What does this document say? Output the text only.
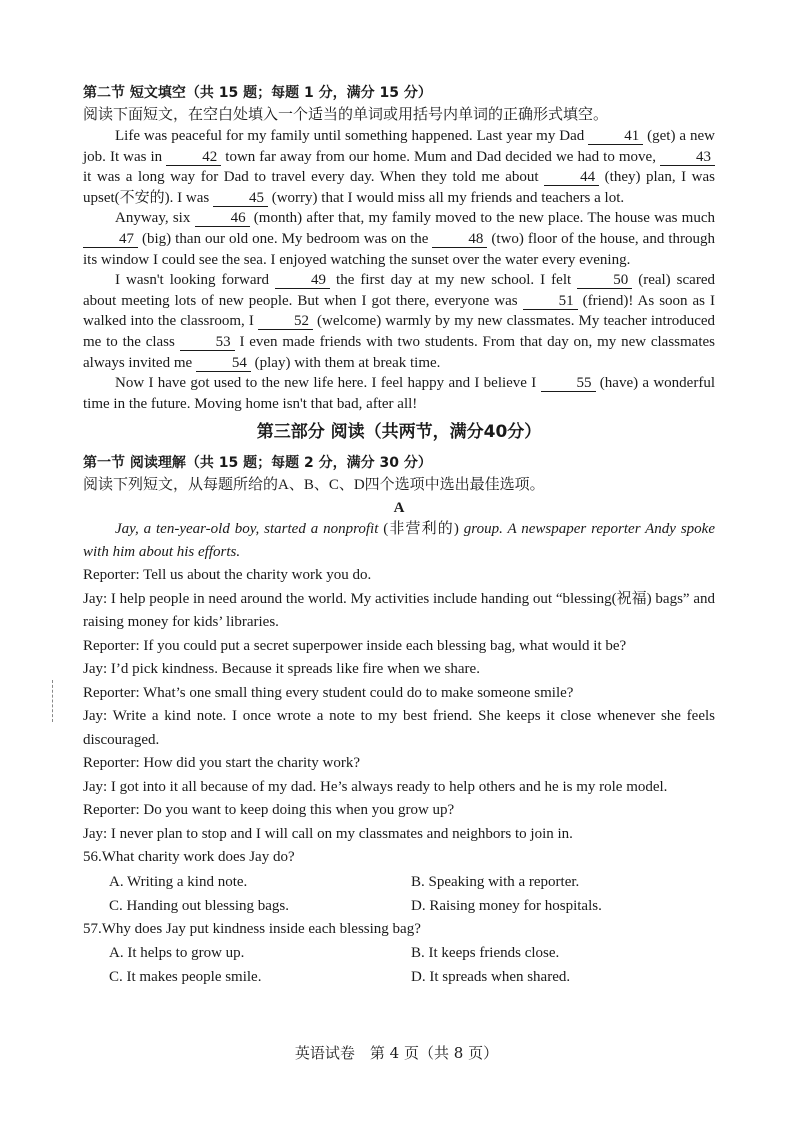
第二节 短文填空（共 15 题；每题 1 分，满分 15 分）

阅读下面短文，在空白处填入一个适当的单词或用括号内单词的正确形式填空。

Life was peaceful for my family until something happened. Last year my Dad 41 (get) a new job. It was in 42 town far away from our home. Mum and Dad decided we had to move, 43 it was a long way for Dad to travel every day. When they told me about 44 (they) plan, I was upset(不安的). I was 45 (worry) that I would miss all my friends and teachers a lot.

Anyway, six 46 (month) after that, my family moved to the new place. The house was much 47 (big) than our old one. My bedroom was on the 48 (two) floor of the house, and through its window I could see the sea. I enjoyed watching the sunset over the water every evening.

I wasn't looking forward 49 the first day at my new school. I felt 50 (real) scared about meeting lots of new people. But when I got there, everyone was 51 (friend)! As soon as I walked into the classroom, I 52 (welcome) warmly by my new classmates. My teacher introduced me to the class 53 I even made friends with two students. From that day on, my new classmates always invited me 54 (play) with them at break time.

Now I have got used to the new life here. I feel happy and I believe I 55 (have) a wonderful time in the future. Moving home isn't that bad, after all!

第三部分 阅读（共两节，满分40分）

第一节 阅读理解（共 15 题；每题 2 分，满分 30 分）

阅读下列短文，从每题所给的A、B、C、D四个选项中选出最佳选项。

A

Jay, a ten-year-old boy, started a nonprofit (非营利的) group. A newspaper reporter Andy spoke with him about his efforts.

Reporter: Tell us about the charity work you do.

Jay: I help people in need around the world. My activities include handing out “blessing(祝福) bags” and raising money for kids’ libraries.

Reporter: If you could put a secret superpower inside each blessing bag, what would it be?

Jay: I’d pick kindness. Because it spreads like fire when we share.

Reporter: What’s one small thing every student could do to make someone smile?

Jay: Write a kind note. I once wrote a note to my best friend. She keeps it close whenever she feels discouraged.

Reporter: How did you start the charity work?

Jay: I got into it all because of my dad. He’s always ready to help others and he is my role model.

Reporter: Do you want to keep doing this when you grow up?

Jay: I never plan to stop and I will call on my classmates and neighbors to join in.

56.What charity work does Jay do?

A. Writing a kind note.	B. Speaking with a reporter.
C. Handing out blessing bags.	D. Raising money for hospitals.

57.Why does Jay put kindness inside each blessing bag?

A. It helps to grow up.	B. It keeps friends close.
C. It makes people smile.	D. It spreads when shared.
英语试卷　第 4 页（共 8 页）
